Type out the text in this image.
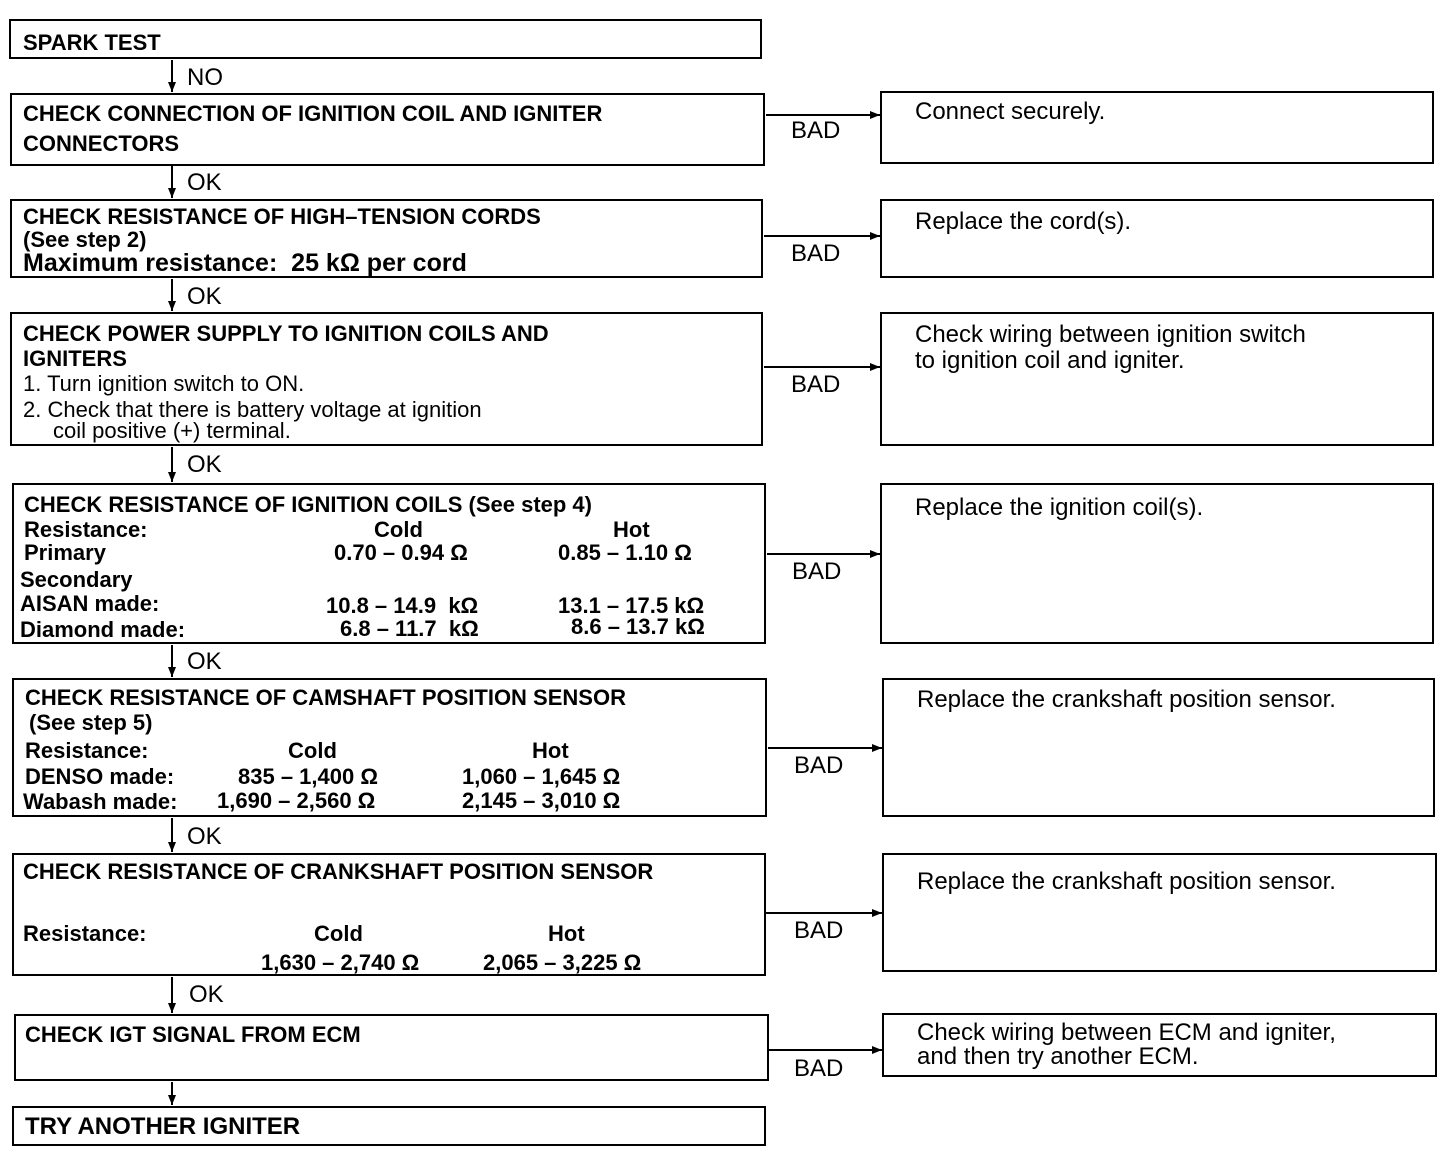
SPARK TEST
CHECK CONNECTION OF IGNITION COIL AND IGNITER
CONNECTORS
CHECK RESISTANCE OF HIGH–TENSION CORDS
(See step 2)
Maximum resistance:  25 kΩ per cord
CHECK POWER SUPPLY TO IGNITION COILS AND
IGNITERS
1. Turn ignition switch to ON.
2. Check that there is battery voltage at ignition
coil positive (+) terminal.
CHECK RESISTANCE OF IGNITION COILS (See step 4)
Resistance:	Cold	Hot
Primary	0.70 – 0.94 Ω	0.85 – 1.10 Ω
Secondary
AISAN made:	10.8 – 14.9  kΩ	13.1 – 17.5 kΩ
Diamond made:	6.8 – 11.7  kΩ	8.6 – 13.7 kΩ
CHECK RESISTANCE OF CAMSHAFT POSITION SENSOR
(See step 5)
Resistance:	Cold	Hot
DENSO made:	835 – 1,400 Ω	1,060 – 1,645 Ω
Wabash made: 1,690 – 2,560 Ω	2,145 – 3,010 Ω
CHECK RESISTANCE OF CRANKSHAFT POSITION SENSOR
Resistance:	Cold	Hot
1,630 – 2,740 Ω	2,065 – 3,225 Ω
CHECK IGT SIGNAL FROM ECM
TRY ANOTHER IGNITER
Connect securely.
Replace the cord(s).
Check wiring between ignition switch
to ignition coil and igniter.
Replace the ignition coil(s).
Replace the crankshaft position sensor.
Replace the crankshaft position sensor.
Check wiring between ECM and igniter,
and then try another ECM.
NO
OK
OK
OK
OK
OK
OK
BAD
BAD
BAD
BAD
BAD
BAD
BAD
